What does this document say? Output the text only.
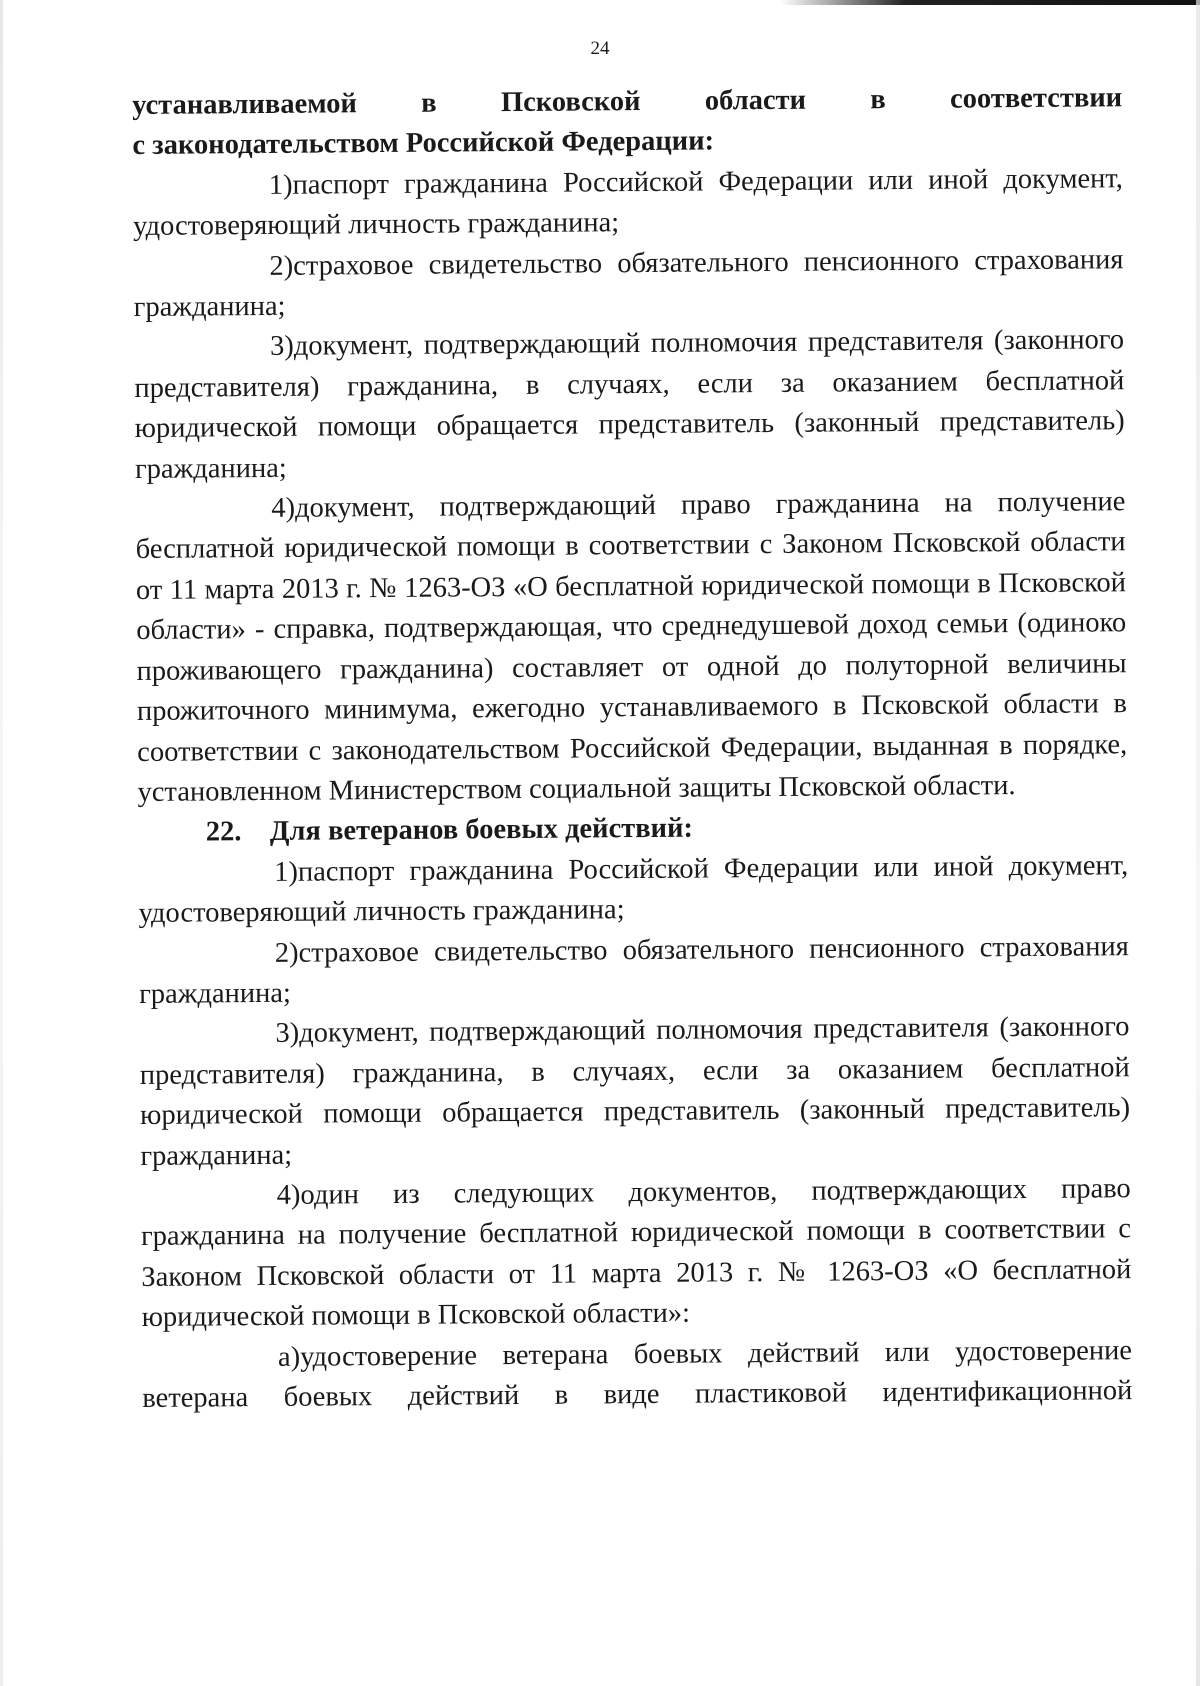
24

устанавливаемой в Псковской области в соответствии

с законодательством Российской Федерации:

1)паспорт гражданина Российской Федерации или иной документ, удостоверяющий личность гражданина;

2)страховое свидетельство обязательного пенсионного страхования гражданина;

3)документ, подтверждающий полномочия представителя (законного представителя) гражданина, в случаях, если за оказанием бесплатной юридической помощи обращается представитель (законный представитель) гражданина;

4)документ, подтверждающий право гражданина на получение бесплатной юридической помощи в соответствии с Законом Псковской области от 11 марта 2013 г. № 1263-ОЗ «О бесплатной юридической помощи в Псковской области» - справка, подтверждающая, что среднедушевой доход семьи (одиноко проживающего гражданина) составляет от одной до полуторной величины прожиточного минимума, ежегодно устанавливаемого в Псковской области в соответствии с законодательством Российской Федерации, выданная в порядке, установленном Министерством социальной защиты Псковской области.

22. Для ветеранов боевых действий:

1)паспорт гражданина Российской Федерации или иной документ, удостоверяющий личность гражданина;

2)страховое свидетельство обязательного пенсионного страхования гражданина;

3)документ, подтверждающий полномочия представителя (законного представителя) гражданина, в случаях, если за оказанием бесплатной юридической помощи обращается представитель (законный представитель) гражданина;

4)один из следующих документов, подтверждающих право гражданина на получение бесплатной юридической помощи в соответствии с Законом Псковской области от 11 марта 2013 г. № 1263-ОЗ «О бесплатной юридической помощи в Псковской области»:

а)удостоверение ветерана боевых действий или удостоверение ветерана боевых действий в виде пластиковой идентификационной
